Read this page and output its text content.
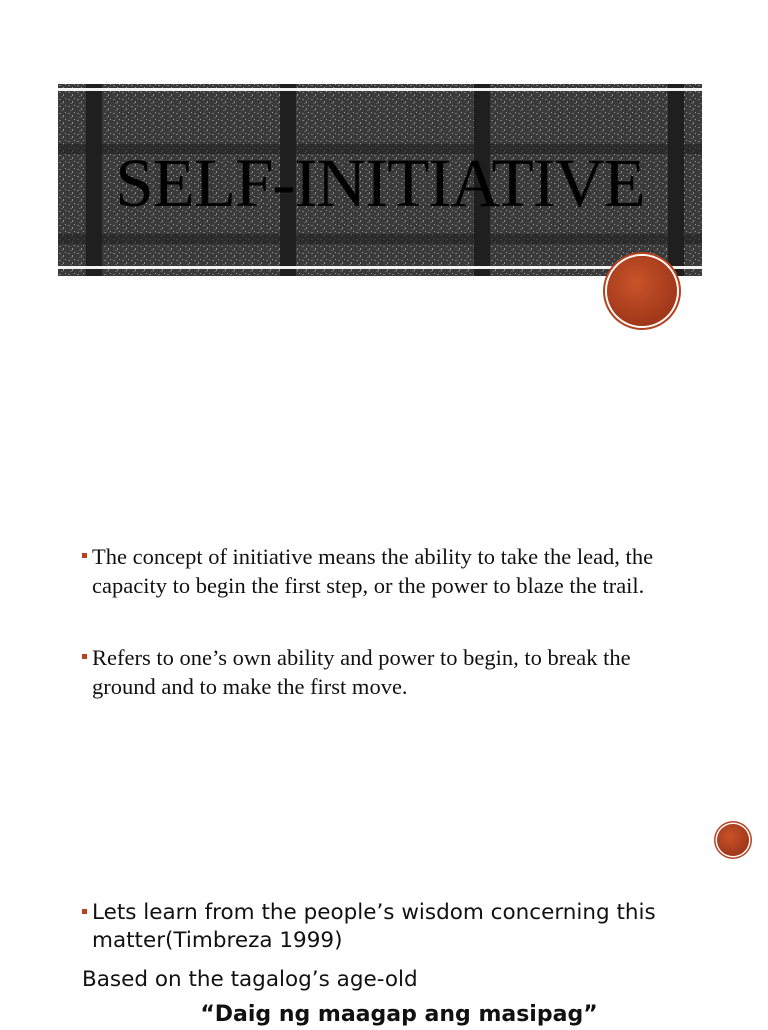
SELF-INITIATIVE

The concept of initiative means the ability to take the lead, the capacity to begin the first step, or the power to blaze the trail.

Refers to one’s own ability and power to begin, to break the ground and to make the first move.

Lets learn from the people’s wisdom concerning this matter(Timbreza 1999)

Based on the tagalog’s age-old
“Daig ng maagap ang masipag”
